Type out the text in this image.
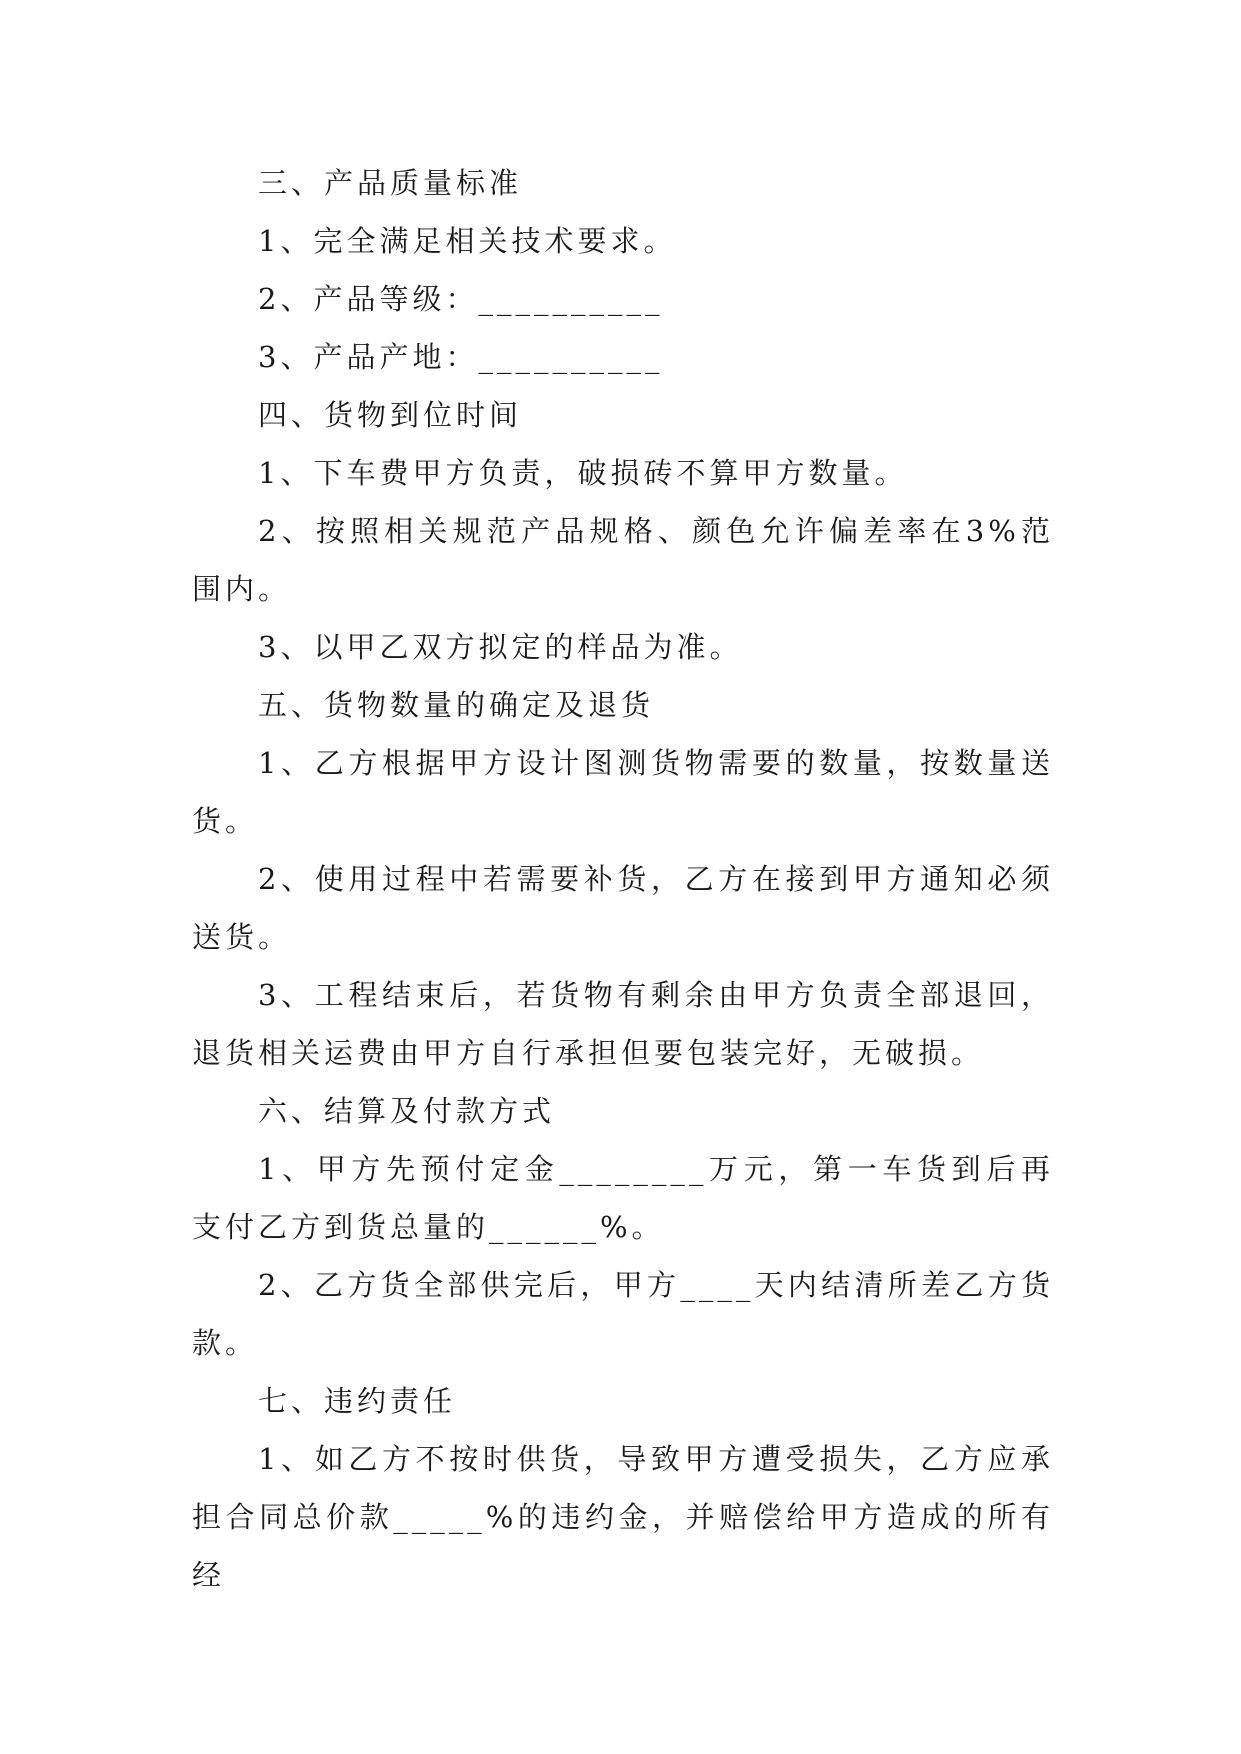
三、产品质量标准

1、完全满足相关技术要求。

2、产品等级：__________

3、产品产地：__________

四、货物到位时间

1、下车费甲方负责，破损砖不算甲方数量。

2、按照相关规范产品规格、颜色允许偏差率在3%范围内。

3、以甲乙双方拟定的样品为准。

五、货物数量的确定及退货

1、乙方根据甲方设计图测货物需要的数量，按数量送货。

2、使用过程中若需要补货，乙方在接到甲方通知必须送货。

3、工程结束后，若货物有剩余由甲方负责全部退回，退货相关运费由甲方自行承担但要包装完好，无破损。

六、结算及付款方式

1、甲方先预付定金________万元，第一车货到后再支付乙方到货总量的______%。

2、乙方货全部供完后，甲方____天内结清所差乙方货款。

七、违约责任

1、如乙方不按时供货，导致甲方遭受损失，乙方应承担合同总价款_____%的违约金，并赔偿给甲方造成的所有经
